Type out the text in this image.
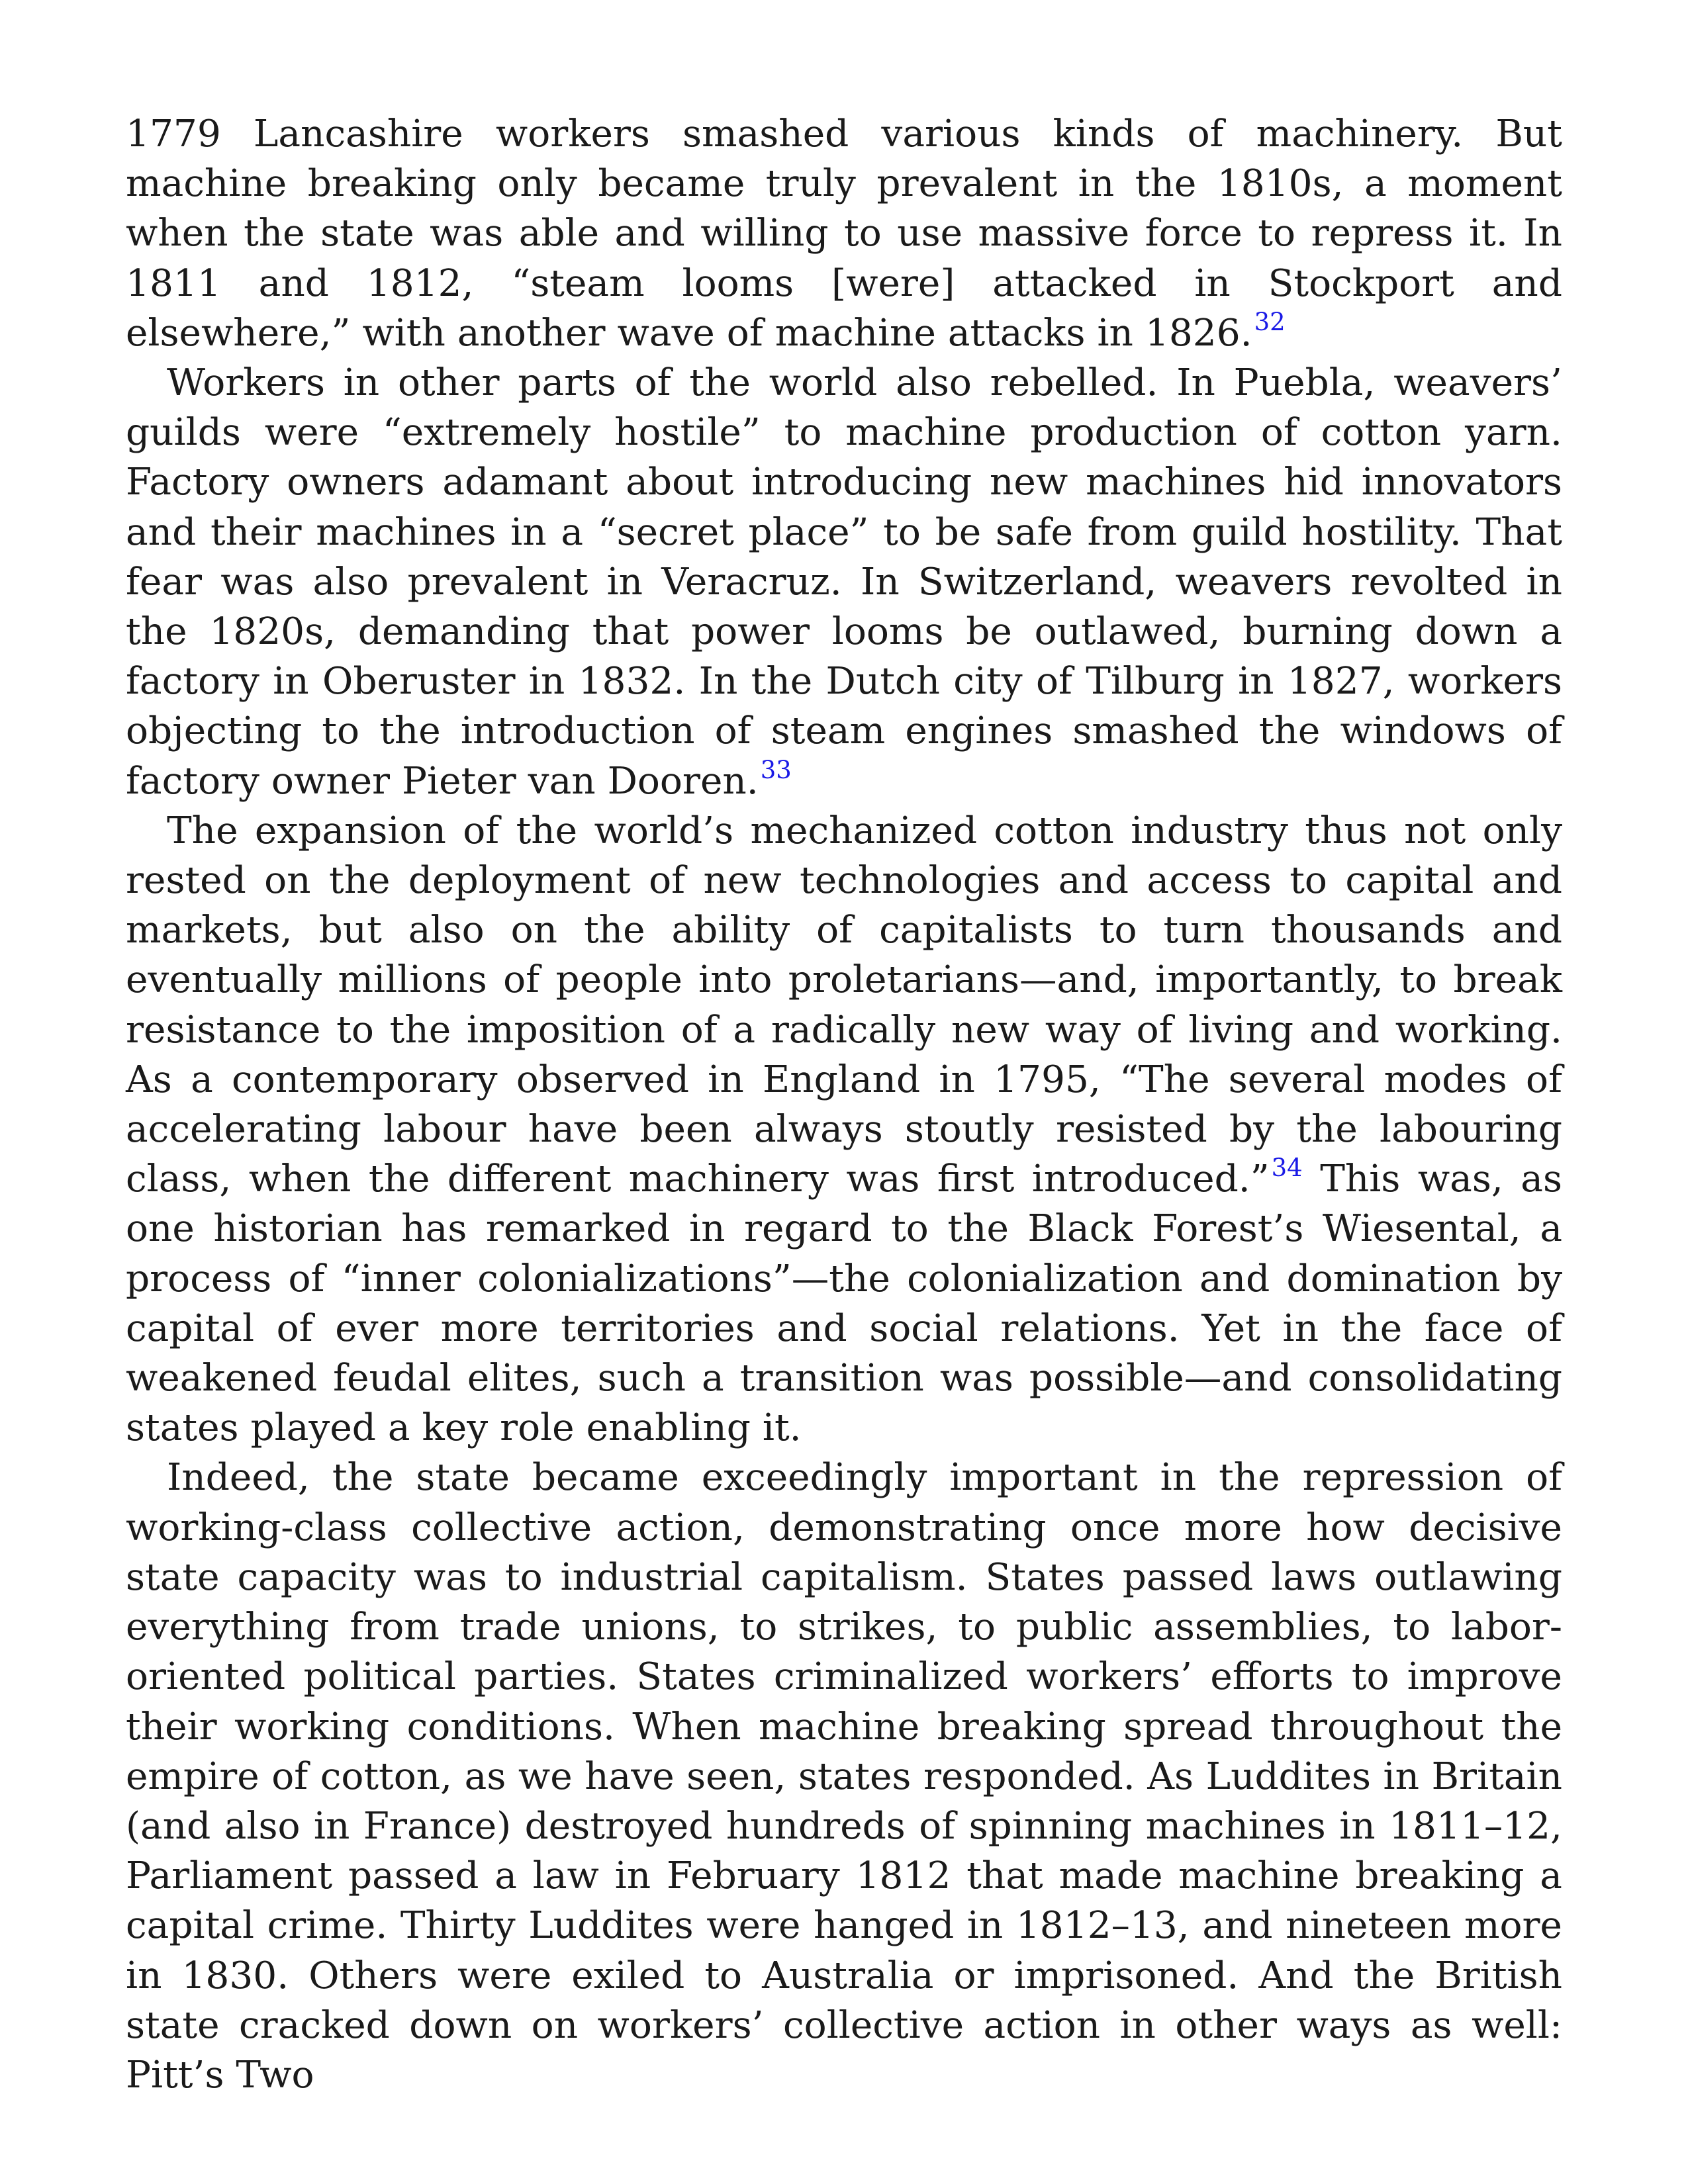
1779 Lancashire workers smashed various kinds of machinery. But machine breaking only became truly prevalent in the 1810s, a moment when the state was able and willing to use massive force to repress it. In 1811 and 1812, “steam looms [were] attacked in Stockport and elsewhere,” with another wave of machine attacks in 1826.32

Workers in other parts of the world also rebelled. In Puebla, weavers’ guilds were “extremely hostile” to machine production of cotton yarn. Factory owners adamant about introducing new machines hid innovators and their machines in a “secret place” to be safe from guild hostility. That fear was also prevalent in Veracruz. In Switzerland, weavers revolted in the 1820s, demanding that power looms be outlawed, burning down a factory in Oberuster in 1832. In the Dutch city of Tilburg in 1827, workers objecting to the introduction of steam engines smashed the windows of factory owner Pieter van Dooren.$^{33}$

The expansion of the world’s mechanized cotton industry thus not only rested on the deployment of new technologies and access to capital and markets, but also on the ability of capitalists to turn thousands and eventually millions of people into proletarians—and, importantly, to break resistance to the imposition of a radically new way of living and working. As a contemporary observed in England in 1795, “The several modes of accelerating labour have been always stoutly resisted by the labouring class, when the different machinery was first introduced.”$^{34}$ This was, as one historian has remarked in regard to the Black Forest’s Wiesental, a process of “inner colonializations”—the colonialization and domination by capital of ever more territories and social relations. Yet in the face of weakened feudal elites, such a transition was possible—and consolidating states played a key role enabling it.

Indeed, the state became exceedingly important in the repression of working-class collective action, demonstrating once more how decisive state capacity was to industrial capitalism. States passed laws outlawing everything from trade unions, to strikes, to public assemblies, to labor-oriented political parties. States criminalized workers’ efforts to improve their working conditions. When machine breaking spread throughout the empire of cotton, as we have seen, states responded. As Luddites in Britain (and also in France) destroyed hundreds of spinning machines in 1811–12, Parliament passed a law in February 1812 that made machine breaking a capital crime. Thirty Luddites were hanged in 1812–13, and nineteen more in 1830. Others were exiled to Australia or imprisoned. And the British state cracked down on workers’ collective action in other ways as well: Pitt’s Two
